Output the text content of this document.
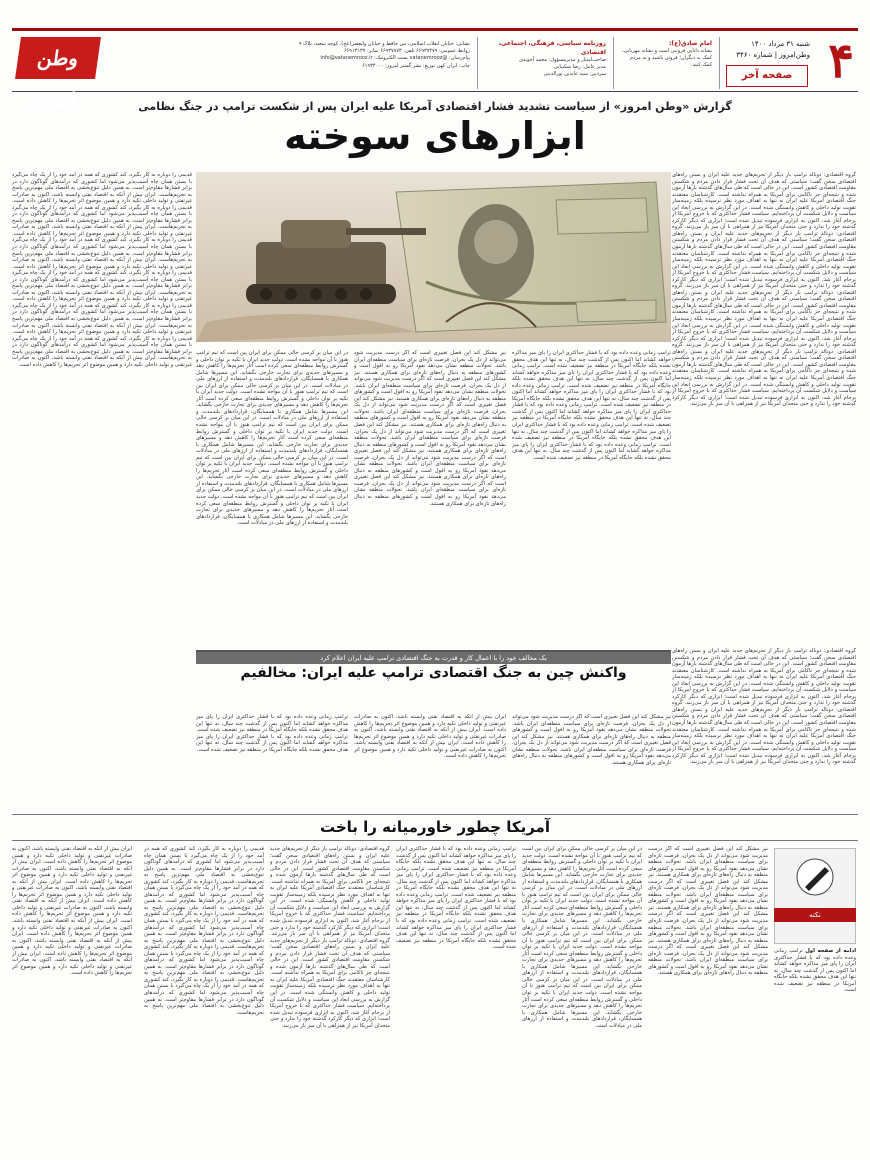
۴
شنبه ۳۱ مرداد ۱۴۰۰
وطن‌امروز | شماره ۳۴۶۰
صفحه آخر
امام صادق(ع):
نشانه دانایی فروتنی است و نشانه مهربانی، کمک به دیگران؛ فروتن باشید و به مردم کمک کنید.
روزنامه سیاسی، فرهنگی، اجتماعی، اقتصادی
صاحب‌امتیاز و مدیرمسؤول: محمد آخوندی
مدیر عامل: رضا شکیبایی
سردبیر: سید عابدین نورالدینی
نشانی: خیابان انقلاب اسلامی، بین حافظ و خیابان ولیعصر(عج)، کوچه سعید، پلاک ۹
روابط عمومی: ۶۶۹۳۷۴۷۹ تلفن: ۶۶۹۳۷۸۷۳ نمابر: ۶۶۹۱۳۱۳۷
پیام‌رسان: @vatanemrooz پست الکترونیک: info@vatanemrooz.ir
چاپ: ایران کهن توزیع: نشر گستر امروز: ۶۱۹۳۴۰۰۰
وطن امروز	گزارش «وطن امروز» از سیاست تشدید فشار اقتصادی آمریکا علیه ایران پس از شکست ترامپ در جنگ نظامی
ابزارهای سوخته
گروه اقتصادی: دونالد ترامپ بار دیگر از تحریم‌های جدید علیه ایران و بستن راه‌های اقتصادی سخن گفت؛ سیاستی که هدف آن تحت فشار قرار دادن مردم و شکستن مقاومت اقتصادی کشور است. این در حالی است که طی سال‌های گذشته بارها آزمون شده و نتیجه‌ای جز ناکامی برای آمریکا به همراه نداشته است. کارشناسان معتقدند جنگ اقتصادی آمریکا علیه ایران نه تنها به اهداف مورد نظر نرسیده بلکه زمینه‌ساز تقویت تولید داخلی و کاهش وابستگی شده است. در این گزارش به بررسی ابعاد این سیاست و دلایل شکست آن پرداخته‌ایم. سیاست فشار حداکثری که با خروج آمریکا از برجام آغاز شد، اکنون به ابزاری فرسوده تبدیل شده است؛ ابزاری که دیگر کارکرد گذشته خود را ندارد و حتی متحدان آمریکا نیز از همراهی با آن سر باز می‌زنند. گروه اقتصادی: دونالد ترامپ بار دیگر از تحریم‌های جدید علیه ایران و بستن راه‌های اقتصادی سخن گفت؛ سیاستی که هدف آن تحت فشار قرار دادن مردم و شکستن مقاومت اقتصادی کشور است. این در حالی است که طی سال‌های گذشته بارها آزمون شده و نتیجه‌ای جز ناکامی برای آمریکا به همراه نداشته است. کارشناسان معتقدند جنگ اقتصادی آمریکا علیه ایران نه تنها به اهداف مورد نظر نرسیده بلکه زمینه‌ساز تقویت تولید داخلی و کاهش وابستگی شده است. در این گزارش به بررسی ابعاد این سیاست و دلایل شکست آن پرداخته‌ایم. سیاست فشار حداکثری که با خروج آمریکا از برجام آغاز شد، اکنون به ابزاری فرسوده تبدیل شده است؛ ابزاری که دیگر کارکرد گذشته خود را ندارد و حتی متحدان آمریکا نیز از همراهی با آن سر باز می‌زنند. گروه اقتصادی: دونالد ترامپ بار دیگر از تحریم‌های جدید علیه ایران و بستن راه‌های اقتصادی سخن گفت؛ سیاستی که هدف آن تحت فشار قرار دادن مردم و شکستن مقاومت اقتصادی کشور است. این در حالی است که طی سال‌های گذشته بارها آزمون شده و نتیجه‌ای جز ناکامی برای آمریکا به همراه نداشته است. کارشناسان معتقدند جنگ اقتصادی آمریکا علیه ایران نه تنها به اهداف مورد نظر نرسیده بلکه زمینه‌ساز تقویت تولید داخلی و کاهش وابستگی شده است. در این گزارش به بررسی ابعاد این سیاست و دلایل شکست آن پرداخته‌ایم. سیاست فشار حداکثری که با خروج آمریکا از برجام آغاز شد، اکنون به ابزاری فرسوده تبدیل شده است؛ ابزاری که دیگر کارکرد گذشته خود را ندارد و حتی متحدان آمریکا نیز از همراهی با آن سر باز می‌زنند. گروه اقتصادی: دونالد ترامپ بار دیگر از تحریم‌های جدید علیه ایران و بستن راه‌های اقتصادی سخن گفت؛ سیاستی که هدف آن تحت فشار قرار دادن مردم و شکستن مقاومت اقتصادی کشور است. این در حالی است که طی سال‌های گذشته بارها آزمون شده و نتیجه‌ای جز ناکامی برای آمریکا به همراه نداشته است. کارشناسان معتقدند جنگ اقتصادی آمریکا علیه ایران نه تنها به اهداف مورد نظر نرسیده بلکه زمینه‌ساز تقویت تولید داخلی و کاهش وابستگی شده است. در این گزارش به بررسی ابعاد این سیاست و دلایل شکست آن پرداخته‌ایم. سیاست فشار حداکثری که با خروج آمریکا از برجام آغاز شد، اکنون به ابزاری فرسوده تبدیل شده است؛ ابزاری که دیگر کارکرد گذشته خود را ندارد و حتی متحدان آمریکا نیز از همراهی با آن سر باز می‌زنند.
قدیمی را دوباره به کار بگیرد، کند کشوری که همه در آمد خود را از یک چاه می‌گیرد با بستن همان چاه آسیب‌پذیر می‌شود اما کشوری که درآمدهای گوناگون دارد در برابر فشارها مقاوم‌تر است. به همین دلیل تنوع‌بخشی به اقتصاد ملی مهم‌ترین پاسخ به تحریم‌هاست. ایران بیش از آنکه به اقتصاد نفتی وابسته باشد، اکنون به صادرات غیرنفتی و تولید داخلی تکیه دارد و همین موضوع اثر تحریم‌ها را کاهش داده است. قدیمی را دوباره به کار بگیرد، کند کشوری که همه در آمد خود را از یک چاه می‌گیرد با بستن همان چاه آسیب‌پذیر می‌شود اما کشوری که درآمدهای گوناگون دارد در برابر فشارها مقاوم‌تر است. به همین دلیل تنوع‌بخشی به اقتصاد ملی مهم‌ترین پاسخ به تحریم‌هاست. ایران بیش از آنکه به اقتصاد نفتی وابسته باشد، اکنون به صادرات غیرنفتی و تولید داخلی تکیه دارد و همین موضوع اثر تحریم‌ها را کاهش داده است. قدیمی را دوباره به کار بگیرد، کند کشوری که همه در آمد خود را از یک چاه می‌گیرد با بستن همان چاه آسیب‌پذیر می‌شود اما کشوری که درآمدهای گوناگون دارد در برابر فشارها مقاوم‌تر است. به همین دلیل تنوع‌بخشی به اقتصاد ملی مهم‌ترین پاسخ به تحریم‌هاست. ایران بیش از آنکه به اقتصاد نفتی وابسته باشد، اکنون به صادرات غیرنفتی و تولید داخلی تکیه دارد و همین موضوع اثر تحریم‌ها را کاهش داده است. قدیمی را دوباره به کار بگیرد، کند کشوری که همه در آمد خود را از یک چاه می‌گیرد با بستن همان چاه آسیب‌پذیر می‌شود اما کشوری که درآمدهای گوناگون دارد در برابر فشارها مقاوم‌تر است. به همین دلیل تنوع‌بخشی به اقتصاد ملی مهم‌ترین پاسخ به تحریم‌هاست. ایران بیش از آنکه به اقتصاد نفتی وابسته باشد، اکنون به صادرات غیرنفتی و تولید داخلی تکیه دارد و همین موضوع اثر تحریم‌ها را کاهش داده است. قدیمی را دوباره به کار بگیرد، کند کشوری که همه در آمد خود را از یک چاه می‌گیرد با بستن همان چاه آسیب‌پذیر می‌شود اما کشوری که درآمدهای گوناگون دارد در برابر فشارها مقاوم‌تر است. به همین دلیل تنوع‌بخشی به اقتصاد ملی مهم‌ترین پاسخ به تحریم‌هاست. ایران بیش از آنکه به اقتصاد نفتی وابسته باشد، اکنون به صادرات غیرنفتی و تولید داخلی تکیه دارد و همین موضوع اثر تحریم‌ها را کاهش داده است. قدیمی را دوباره به کار بگیرد، کند کشوری که همه در آمد خود را از یک چاه می‌گیرد با بستن همان چاه آسیب‌پذیر می‌شود اما کشوری که درآمدهای گوناگون دارد در برابر فشارها مقاوم‌تر است. به همین دلیل تنوع‌بخشی به اقتصاد ملی مهم‌ترین پاسخ به تحریم‌هاست. ایران بیش از آنکه به اقتصاد نفتی وابسته باشد، اکنون به صادرات غیرنفتی و تولید داخلی تکیه دارد و همین موضوع اثر تحریم‌ها را کاهش داده است.
در این میان بر کرسی خالی ممکن برای ایران بین است که تیم ترامپ هنوز با آن مواجه نشده است. دولت جدید ایران با تکیه بر توان داخلی و گسترش روابط منطقه‌ای سعی کرده است آثار تحریم‌ها را کاهش دهد و مسیرهای جدیدی برای تجارت خارجی بگشاید. این مسیرها شامل همکاری با همسایگان، قراردادهای بلندمدت و استفاده از ارزهای ملی در مبادلات است. در این میان بر کرسی خالی ممکن برای ایران بین است که تیم ترامپ هنوز با آن مواجه نشده است. دولت جدید ایران با تکیه بر توان داخلی و گسترش روابط منطقه‌ای سعی کرده است آثار تحریم‌ها را کاهش دهد و مسیرهای جدیدی برای تجارت خارجی بگشاید. این مسیرها شامل همکاری با همسایگان، قراردادهای بلندمدت و استفاده از ارزهای ملی در مبادلات است. در این میان بر کرسی خالی ممکن برای ایران بین است که تیم ترامپ هنوز با آن مواجه نشده است. دولت جدید ایران با تکیه بر توان داخلی و گسترش روابط منطقه‌ای سعی کرده است آثار تحریم‌ها را کاهش دهد و مسیرهای جدیدی برای تجارت خارجی بگشاید. این مسیرها شامل همکاری با همسایگان، قراردادهای بلندمدت و استفاده از ارزهای ملی در مبادلات است. در این میان بر کرسی خالی ممکن برای ایران بین است که تیم ترامپ هنوز با آن مواجه نشده است. دولت جدید ایران با تکیه بر توان داخلی و گسترش روابط منطقه‌ای سعی کرده است آثار تحریم‌ها را کاهش دهد و مسیرهای جدیدی برای تجارت خارجی بگشاید. این مسیرها شامل همکاری با همسایگان، قراردادهای بلندمدت و استفاده از ارزهای ملی در مبادلات است. در این میان بر کرسی خالی ممکن برای ایران بین است که تیم ترامپ هنوز با آن مواجه نشده است. دولت جدید ایران با تکیه بر توان داخلی و گسترش روابط منطقه‌ای سعی کرده است آثار تحریم‌ها را کاهش دهد و مسیرهای جدیدی برای تجارت خارجی بگشاید. این مسیرها شامل همکاری با همسایگان، قراردادهای بلندمدت و استفاده از ارزهای ملی در مبادلات است.
نیز مشکل کند این فصل تغییری است که اگر درست مدیریت شود می‌تواند از دل یک بحران، فرصت تازه‌ای برای سیاست منطقه‌ای ایران باشد. تحولات منطقه نشان می‌دهد نفوذ آمریکا رو به افول است و کشورهای منطقه به دنبال راه‌های تازه‌ای برای همکاری هستند. نیز مشکل کند این فصل تغییری است که اگر درست مدیریت شود می‌تواند از دل یک بحران، فرصت تازه‌ای برای سیاست منطقه‌ای ایران باشد. تحولات منطقه نشان می‌دهد نفوذ آمریکا رو به افول است و کشورهای منطقه به دنبال راه‌های تازه‌ای برای همکاری هستند. نیز مشکل کند این فصل تغییری است که اگر درست مدیریت شود می‌تواند از دل یک بحران، فرصت تازه‌ای برای سیاست منطقه‌ای ایران باشد. تحولات منطقه نشان می‌دهد نفوذ آمریکا رو به افول است و کشورهای منطقه به دنبال راه‌های تازه‌ای برای همکاری هستند. نیز مشکل کند این فصل تغییری است که اگر درست مدیریت شود می‌تواند از دل یک بحران، فرصت تازه‌ای برای سیاست منطقه‌ای ایران باشد. تحولات منطقه نشان می‌دهد نفوذ آمریکا رو به افول است و کشورهای منطقه به دنبال راه‌های تازه‌ای برای همکاری هستند. نیز مشکل کند این فصل تغییری است که اگر درست مدیریت شود می‌تواند از دل یک بحران، فرصت تازه‌ای برای سیاست منطقه‌ای ایران باشد. تحولات منطقه نشان می‌دهد نفوذ آمریکا رو به افول است و کشورهای منطقه به دنبال راه‌های تازه‌ای برای همکاری هستند. نیز مشکل کند این فصل تغییری است که اگر درست مدیریت شود می‌تواند از دل یک بحران، فرصت تازه‌ای برای سیاست منطقه‌ای ایران باشد. تحولات منطقه نشان می‌دهد نفوذ آمریکا رو به افول است و کشورهای منطقه به دنبال راه‌های تازه‌ای برای همکاری هستند.
ترامپ زمانی وعده داده بود که با فشار حداکثری ایران را پای میز مذاکره خواهد کشاند اما اکنون پس از گذشت چند سال، نه تنها این هدف محقق نشده بلکه جایگاه آمریکا در منطقه نیز تضعیف شده است. ترامپ زمانی وعده داده بود که با فشار حداکثری ایران را پای میز مذاکره خواهد کشاند اما اکنون پس از گذشت چند سال، نه تنها این هدف محقق نشده بلکه جایگاه آمریکا در منطقه نیز تضعیف شده است. ترامپ زمانی وعده داده بود که با فشار حداکثری ایران را پای میز مذاکره خواهد کشاند اما اکنون پس از گذشت چند سال، نه تنها این هدف محقق نشده بلکه جایگاه آمریکا در منطقه نیز تضعیف شده است. ترامپ زمانی وعده داده بود که با فشار حداکثری ایران را پای میز مذاکره خواهد کشاند اما اکنون پس از گذشت چند سال، نه تنها این هدف محقق نشده بلکه جایگاه آمریکا در منطقه نیز تضعیف شده است. ترامپ زمانی وعده داده بود که با فشار حداکثری ایران را پای میز مذاکره خواهد کشاند اما اکنون پس از گذشت چند سال، نه تنها این هدف محقق نشده بلکه جایگاه آمریکا در منطقه نیز تضعیف شده است. ترامپ زمانی وعده داده بود که با فشار حداکثری ایران را پای میز مذاکره خواهد کشاند اما اکنون پس از گذشت چند سال، نه تنها این هدف محقق نشده بلکه جایگاه آمریکا در منطقه نیز تضعیف شده است.
گروه اقتصادی: دونالد ترامپ بار دیگر از تحریم‌های جدید علیه ایران و بستن راه‌های اقتصادی سخن گفت؛ سیاستی که هدف آن تحت فشار قرار دادن مردم و شکستن مقاومت اقتصادی کشور است. این در حالی است که طی سال‌های گذشته بارها آزمون شده و نتیجه‌ای جز ناکامی برای آمریکا به همراه نداشته است. کارشناسان معتقدند جنگ اقتصادی آمریکا علیه ایران نه تنها به اهداف مورد نظر نرسیده بلکه زمینه‌ساز تقویت تولید داخلی و کاهش وابستگی شده است. در این گزارش به بررسی ابعاد این سیاست و دلایل شکست آن پرداخته‌ایم. سیاست فشار حداکثری که با خروج آمریکا از برجام آغاز شد، اکنون به ابزاری فرسوده تبدیل شده است؛ ابزاری که دیگر کارکرد گذشته خود را ندارد و حتی متحدان آمریکا نیز از همراهی با آن سر باز می‌زنند. گروه اقتصادی: دونالد ترامپ بار دیگر از تحریم‌های جدید علیه ایران و بستن راه‌های اقتصادی سخن گفت؛ سیاستی که هدف آن تحت فشار قرار دادن مردم و شکستن مقاومت اقتصادی کشور است. این در حالی است که طی سال‌های گذشته بارها آزمون شده و نتیجه‌ای جز ناکامی برای آمریکا به همراه نداشته است. کارشناسان معتقدند جنگ اقتصادی آمریکا علیه ایران نه تنها به اهداف مورد نظر نرسیده بلکه زمینه‌ساز تقویت تولید داخلی و کاهش وابستگی شده است. در این گزارش به بررسی ابعاد این سیاست و دلایل شکست آن پرداخته‌ایم. سیاست فشار حداکثری که با خروج آمریکا از برجام آغاز شد، اکنون به ابزاری فرسوده تبدیل شده است؛ ابزاری که دیگر کارکرد گذشته خود را ندارد و حتی متحدان آمریکا نیز از همراهی با آن سر باز می‌زنند.
یک مخالف خود را با اعمال کار و قدرت به جنگ اقتصادی ترامپ علیه ایران اعلام کرد
واکنش چین به جنگ اقتصادی ترامپ علیه ایران: مخالفیم
ترامپ زمانی وعده داده بود که با فشار حداکثری ایران را پای میز مذاکره خواهد کشاند اما اکنون پس از گذشت چند سال، نه تنها این هدف محقق نشده بلکه جایگاه آمریکا در منطقه نیز تضعیف شده است. ترامپ زمانی وعده داده بود که با فشار حداکثری ایران را پای میز مذاکره خواهد کشاند اما اکنون پس از گذشت چند سال، نه تنها این هدف محقق نشده بلکه جایگاه آمریکا در منطقه نیز تضعیف شده است.
ایران بیش از آنکه به اقتصاد نفتی وابسته باشد، اکنون به صادرات غیرنفتی و تولید داخلی تکیه دارد و همین موضوع اثر تحریم‌ها را کاهش داده است. ایران بیش از آنکه به اقتصاد نفتی وابسته باشد، اکنون به صادرات غیرنفتی و تولید داخلی تکیه دارد و همین موضوع اثر تحریم‌ها را کاهش داده است. ایران بیش از آنکه به اقتصاد نفتی وابسته باشد، اکنون به صادرات غیرنفتی و تولید داخلی تکیه دارد و همین موضوع اثر تحریم‌ها را کاهش داده است.
نیز مشکل کند این فصل تغییری است که اگر درست مدیریت شود می‌تواند از دل یک بحران، فرصت تازه‌ای برای سیاست منطقه‌ای ایران باشد. تحولات منطقه نشان می‌دهد نفوذ آمریکا رو به افول است و کشورهای منطقه به دنبال راه‌های تازه‌ای برای همکاری هستند. نیز مشکل کند این فصل تغییری است که اگر درست مدیریت شود می‌تواند از دل یک بحران، فرصت تازه‌ای برای سیاست منطقه‌ای ایران باشد. تحولات منطقه نشان می‌دهد نفوذ آمریکا رو به افول است و کشورهای منطقه به دنبال راه‌های تازه‌ای برای همکاری هستند.
آمریکا چطور خاورمیانه را باخت
نکته
ادامه از صفحه اول ترامپ زمانی وعده داده بود که با فشار حداکثری ایران را پای میز مذاکره خواهد کشاند اما اکنون پس از گذشت چند سال، نه تنها این هدف محقق نشده بلکه جایگاه آمریکا در منطقه نیز تضعیف شده است.
نیز مشکل کند این فصل تغییری است که اگر درست مدیریت شود می‌تواند از دل یک بحران، فرصت تازه‌ای برای سیاست منطقه‌ای ایران باشد. تحولات منطقه نشان می‌دهد نفوذ آمریکا رو به افول است و کشورهای منطقه به دنبال راه‌های تازه‌ای برای همکاری هستند. نیز مشکل کند این فصل تغییری است که اگر درست مدیریت شود می‌تواند از دل یک بحران، فرصت تازه‌ای برای سیاست منطقه‌ای ایران باشد. تحولات منطقه نشان می‌دهد نفوذ آمریکا رو به افول است و کشورهای منطقه به دنبال راه‌های تازه‌ای برای همکاری هستند. نیز مشکل کند این فصل تغییری است که اگر درست مدیریت شود می‌تواند از دل یک بحران، فرصت تازه‌ای برای سیاست منطقه‌ای ایران باشد. تحولات منطقه نشان می‌دهد نفوذ آمریکا رو به افول است و کشورهای منطقه به دنبال راه‌های تازه‌ای برای همکاری هستند. نیز مشکل کند این فصل تغییری است که اگر درست مدیریت شود می‌تواند از دل یک بحران، فرصت تازه‌ای برای سیاست منطقه‌ای ایران باشد. تحولات منطقه نشان می‌دهد نفوذ آمریکا رو به افول است و کشورهای منطقه به دنبال راه‌های تازه‌ای برای همکاری هستند.
در این میان بر کرسی خالی ممکن برای ایران بین است که تیم ترامپ هنوز با آن مواجه نشده است. دولت جدید ایران با تکیه بر توان داخلی و گسترش روابط منطقه‌ای سعی کرده است آثار تحریم‌ها را کاهش دهد و مسیرهای جدیدی برای تجارت خارجی بگشاید. این مسیرها شامل همکاری با همسایگان، قراردادهای بلندمدت و استفاده از ارزهای ملی در مبادلات است. در این میان بر کرسی خالی ممکن برای ایران بین است که تیم ترامپ هنوز با آن مواجه نشده است. دولت جدید ایران با تکیه بر توان داخلی و گسترش روابط منطقه‌ای سعی کرده است آثار تحریم‌ها را کاهش دهد و مسیرهای جدیدی برای تجارت خارجی بگشاید. این مسیرها شامل همکاری با همسایگان، قراردادهای بلندمدت و استفاده از ارزهای ملی در مبادلات است. در این میان بر کرسی خالی ممکن برای ایران بین است که تیم ترامپ هنوز با آن مواجه نشده است. دولت جدید ایران با تکیه بر توان داخلی و گسترش روابط منطقه‌ای سعی کرده است آثار تحریم‌ها را کاهش دهد و مسیرهای جدیدی برای تجارت خارجی بگشاید. این مسیرها شامل همکاری با همسایگان، قراردادهای بلندمدت و استفاده از ارزهای ملی در مبادلات است. در این میان بر کرسی خالی ممکن برای ایران بین است که تیم ترامپ هنوز با آن مواجه نشده است. دولت جدید ایران با تکیه بر توان داخلی و گسترش روابط منطقه‌ای سعی کرده است آثار تحریم‌ها را کاهش دهد و مسیرهای جدیدی برای تجارت خارجی بگشاید. این مسیرها شامل همکاری با همسایگان، قراردادهای بلندمدت و استفاده از ارزهای ملی در مبادلات است.
ترامپ زمانی وعده داده بود که با فشار حداکثری ایران را پای میز مذاکره خواهد کشاند اما اکنون پس از گذشت چند سال، نه تنها این هدف محقق نشده بلکه جایگاه آمریکا در منطقه نیز تضعیف شده است. ترامپ زمانی وعده داده بود که با فشار حداکثری ایران را پای میز مذاکره خواهد کشاند اما اکنون پس از گذشت چند سال، نه تنها این هدف محقق نشده بلکه جایگاه آمریکا در منطقه نیز تضعیف شده است. ترامپ زمانی وعده داده بود که با فشار حداکثری ایران را پای میز مذاکره خواهد کشاند اما اکنون پس از گذشت چند سال، نه تنها این هدف محقق نشده بلکه جایگاه آمریکا در منطقه نیز تضعیف شده است. ترامپ زمانی وعده داده بود که با فشار حداکثری ایران را پای میز مذاکره خواهد کشاند اما اکنون پس از گذشت چند سال، نه تنها این هدف محقق نشده بلکه جایگاه آمریکا در منطقه نیز تضعیف شده است.
گروه اقتصادی: دونالد ترامپ بار دیگر از تحریم‌های جدید علیه ایران و بستن راه‌های اقتصادی سخن گفت؛ سیاستی که هدف آن تحت فشار قرار دادن مردم و شکستن مقاومت اقتصادی کشور است. این در حالی است که طی سال‌های گذشته بارها آزمون شده و نتیجه‌ای جز ناکامی برای آمریکا به همراه نداشته است. کارشناسان معتقدند جنگ اقتصادی آمریکا علیه ایران نه تنها به اهداف مورد نظر نرسیده بلکه زمینه‌ساز تقویت تولید داخلی و کاهش وابستگی شده است. در این گزارش به بررسی ابعاد این سیاست و دلایل شکست آن پرداخته‌ایم. سیاست فشار حداکثری که با خروج آمریکا از برجام آغاز شد، اکنون به ابزاری فرسوده تبدیل شده است؛ ابزاری که دیگر کارکرد گذشته خود را ندارد و حتی متحدان آمریکا نیز از همراهی با آن سر باز می‌زنند. گروه اقتصادی: دونالد ترامپ بار دیگر از تحریم‌های جدید علیه ایران و بستن راه‌های اقتصادی سخن گفت؛ سیاستی که هدف آن تحت فشار قرار دادن مردم و شکستن مقاومت اقتصادی کشور است. این در حالی است که طی سال‌های گذشته بارها آزمون شده و نتیجه‌ای جز ناکامی برای آمریکا به همراه نداشته است. کارشناسان معتقدند جنگ اقتصادی آمریکا علیه ایران نه تنها به اهداف مورد نظر نرسیده بلکه زمینه‌ساز تقویت تولید داخلی و کاهش وابستگی شده است. در این گزارش به بررسی ابعاد این سیاست و دلایل شکست آن پرداخته‌ایم. سیاست فشار حداکثری که با خروج آمریکا از برجام آغاز شد، اکنون به ابزاری فرسوده تبدیل شده است؛ ابزاری که دیگر کارکرد گذشته خود را ندارد و حتی متحدان آمریکا نیز از همراهی با آن سر باز می‌زنند.
قدیمی را دوباره به کار بگیرد، کند کشوری که همه در آمد خود را از یک چاه می‌گیرد با بستن همان چاه آسیب‌پذیر می‌شود اما کشوری که درآمدهای گوناگون دارد در برابر فشارها مقاوم‌تر است. به همین دلیل تنوع‌بخشی به اقتصاد ملی مهم‌ترین پاسخ به تحریم‌هاست. قدیمی را دوباره به کار بگیرد، کند کشوری که همه در آمد خود را از یک چاه می‌گیرد با بستن همان چاه آسیب‌پذیر می‌شود اما کشوری که درآمدهای گوناگون دارد در برابر فشارها مقاوم‌تر است. به همین دلیل تنوع‌بخشی به اقتصاد ملی مهم‌ترین پاسخ به تحریم‌هاست. قدیمی را دوباره به کار بگیرد، کند کشوری که همه در آمد خود را از یک چاه می‌گیرد با بستن همان چاه آسیب‌پذیر می‌شود اما کشوری که درآمدهای گوناگون دارد در برابر فشارها مقاوم‌تر است. به همین دلیل تنوع‌بخشی به اقتصاد ملی مهم‌ترین پاسخ به تحریم‌هاست. قدیمی را دوباره به کار بگیرد، کند کشوری که همه در آمد خود را از یک چاه می‌گیرد با بستن همان چاه آسیب‌پذیر می‌شود اما کشوری که درآمدهای گوناگون دارد در برابر فشارها مقاوم‌تر است. به همین دلیل تنوع‌بخشی به اقتصاد ملی مهم‌ترین پاسخ به تحریم‌هاست. قدیمی را دوباره به کار بگیرد، کند کشوری که همه در آمد خود را از یک چاه می‌گیرد با بستن همان چاه آسیب‌پذیر می‌شود اما کشوری که درآمدهای گوناگون دارد در برابر فشارها مقاوم‌تر است. به همین دلیل تنوع‌بخشی به اقتصاد ملی مهم‌ترین پاسخ به تحریم‌هاست.
ایران بیش از آنکه به اقتصاد نفتی وابسته باشد، اکنون به صادرات غیرنفتی و تولید داخلی تکیه دارد و همین موضوع اثر تحریم‌ها را کاهش داده است. ایران بیش از آنکه به اقتصاد نفتی وابسته باشد، اکنون به صادرات غیرنفتی و تولید داخلی تکیه دارد و همین موضوع اثر تحریم‌ها را کاهش داده است. ایران بیش از آنکه به اقتصاد نفتی وابسته باشد، اکنون به صادرات غیرنفتی و تولید داخلی تکیه دارد و همین موضوع اثر تحریم‌ها را کاهش داده است. ایران بیش از آنکه به اقتصاد نفتی وابسته باشد، اکنون به صادرات غیرنفتی و تولید داخلی تکیه دارد و همین موضوع اثر تحریم‌ها را کاهش داده است. ایران بیش از آنکه به اقتصاد نفتی وابسته باشد، اکنون به صادرات غیرنفتی و تولید داخلی تکیه دارد و همین موضوع اثر تحریم‌ها را کاهش داده است. ایران بیش از آنکه به اقتصاد نفتی وابسته باشد، اکنون به صادرات غیرنفتی و تولید داخلی تکیه دارد و همین موضوع اثر تحریم‌ها را کاهش داده است. ایران بیش از آنکه به اقتصاد نفتی وابسته باشد، اکنون به صادرات غیرنفتی و تولید داخلی تکیه دارد و همین موضوع اثر تحریم‌ها را کاهش داده است.
